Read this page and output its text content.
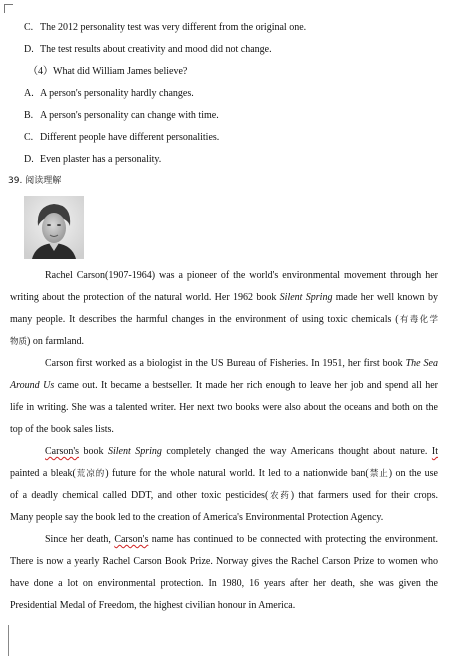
C. The 2012 personality test was very different from the original one.
D. The test results about creativity and mood did not change.
（4）What did William James believe?
A. A person's personality hardly changes.
B. A person's personality can change with time.
C. Different people have different personalities.
D. Even plaster has a personality.
39. 阅读理解
Rachel Carson(1907-1964) was a pioneer of the world's environmental movement through her
writing about the protection of the natural world. Her 1962 book Silent Spring made her well known by
many people. It describes the harmful changes in the environment of using toxic chemicals (有毒化学
物质) on farmland.
Carson first worked as a biologist in the US Bureau of Fisheries. In 1951, her first book The Sea
Around Us came out. It became a bestseller. It made her rich enough to leave her job and spend all her
life in writing. She was a talented writer. Her next two books were also about the oceans and both on the
top of the book sales lists.
Carson's book Silent Spring completely changed the way Americans thought about nature. It
painted a bleak(荒凉的) future for the whole natural world. It led to a nationwide ban(禁止) on the use
of a deadly chemical called DDT, and other toxic pesticides(农药) that farmers used for their crops.
Many people say the book led to the creation of America's Environmental Protection Agency.
Since her death, Carson's name has continued to be connected with protecting the environment.
There is now a yearly Rachel Carson Book Prize. Norway gives the Rachel Carson Prize to women who
have done a lot on environmental protection. In 1980, 16 years after her death, she was given the
Presidential Medal of Freedom, the highest civilian honour in America.
